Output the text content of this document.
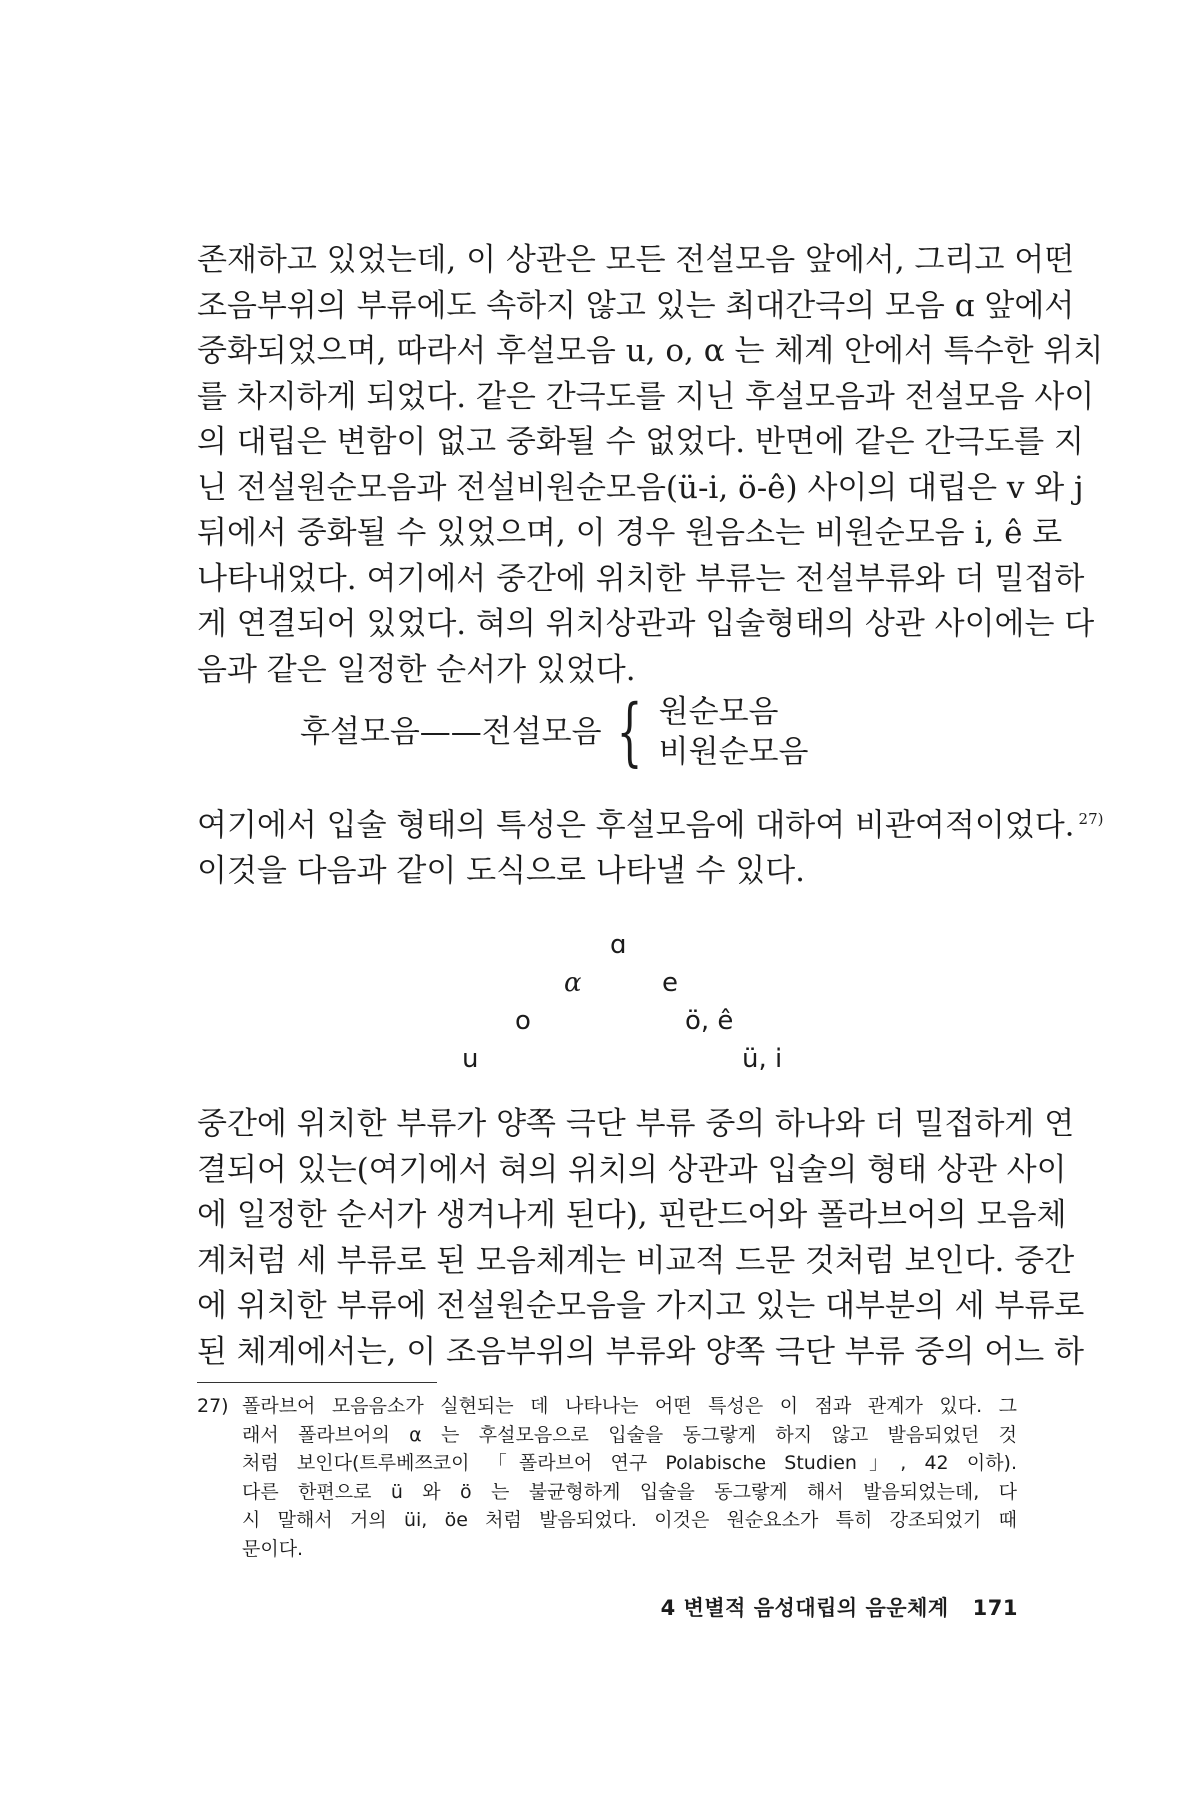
존재하고 있었는데, 이 상관은 모든 전설모음 앞에서, 그리고 어떤
조음부위의 부류에도 속하지 않고 있는 최대간극의 모음 ɑ 앞에서
중화되었으며, 따라서 후설모음 u, o, α 는 체계 안에서 특수한 위치
를 차지하게 되었다. 같은 간극도를 지닌 후설모음과 전설모음 사이
의 대립은 변함이 없고 중화될 수 없었다. 반면에 같은 간극도를 지
닌 전설원순모음과 전설비원순모음(ü-i, ö-ê) 사이의 대립은 v 와 j
뒤에서 중화될 수 있었으며, 이 경우 원음소는 비원순모음 i, ê 로
나타내었다. 여기에서 중간에 위치한 부류는 전설부류와 더 밀접하
게 연결되어 있었다. 혀의 위치상관과 입술형태의 상관 사이에는 다
음과 같은 일정한 순서가 있었다.
후설모음——전설모음 { 원순모음
비원순모음
여기에서 입술 형태의 특성은 후설모음에 대하여 비관여적이었다. $^{27)}$
이것을 다음과 같이 도식으로 나타낼 수 있다.
ɑ
α	e
o	ö, ê
u	ü, i
중간에 위치한 부류가 양쪽 극단 부류 중의 하나와 더 밀접하게 연
결되어 있는(여기에서 혀의 위치의 상관과 입술의 형태 상관 사이
에 일정한 순서가 생겨나게 된다), 핀란드어와 폴라브어의 모음체
계처럼 세 부류로 된 모음체계는 비교적 드문 것처럼 보인다. 중간
에 위치한 부류에 전설원순모음을 가지고 있는 대부분의 세 부류로
된 체계에서는, 이 조음부위의 부류와 양쪽 극단 부류 중의 어느 하
27) 폴라브어 모음음소가 실현되는 데 나타나는 어떤 특성은 이 점과 관계가 있다. 그
래서 폴라브어의 α 는 후설모음으로 입술을 동그랗게 하지 않고 발음되었던 것
처럼 보인다(트루베쯔코이 「폴라브어 연구 Polabische Studien」, 42 이하).
다른 한편으로 ü 와 ö 는 불균형하게 입술을 동그랗게 해서 발음되었는데, 다
시 말해서 거의 üi, öe 처럼 발음되었다. 이것은 원순요소가 특히 강조되었기 때
문이다.
4 변별적 음성대립의 음운체계 171
